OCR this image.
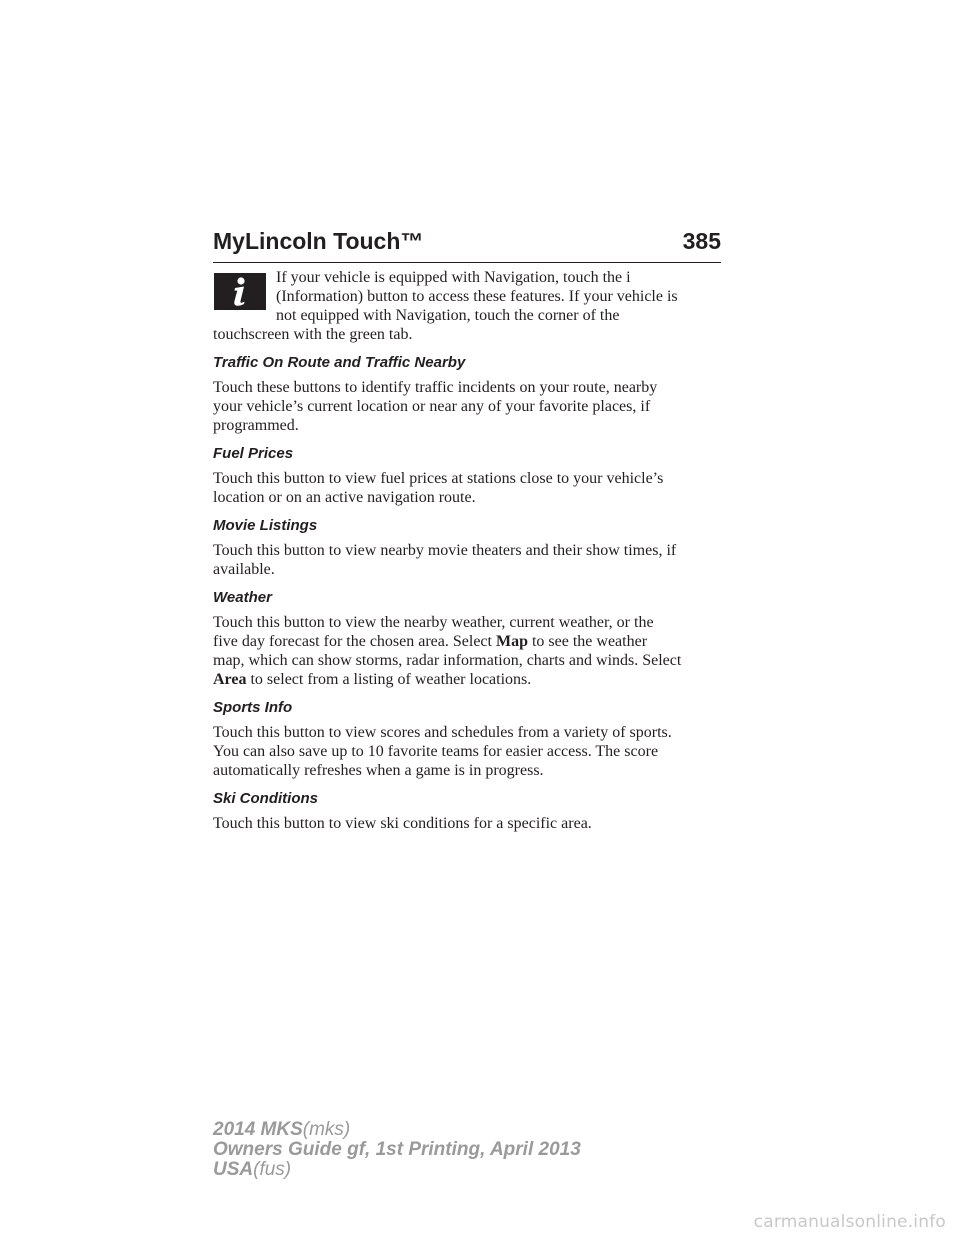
MyLincoln Touch™	385

If your vehicle is equipped with Navigation, touch the i

(Information) button to access these features. If your vehicle is

not equipped with Navigation, touch the corner of the

touchscreen with the green tab.

Traffic On Route and Traffic Nearby
Touch these buttons to identify traffic incidents on your route, nearby
your vehicle’s current location or near any of your favorite places, if
programmed.
Fuel Prices
Touch this button to view fuel prices at stations close to your vehicle’s
location or on an active navigation route.
Movie Listings
Touch this button to view nearby movie theaters and their show times, if
available.
Weather
Touch this button to view the nearby weather, current weather, or the
five day forecast for the chosen area. Select Map to see the weather
map, which can show storms, radar information, charts and winds. Select
Area to select from a listing of weather locations.
Sports Info
Touch this button to view scores and schedules from a variety of sports.
You can also save up to 10 favorite teams for easier access. The score
automatically refreshes when a game is in progress.
Ski Conditions
Touch this button to view ski conditions for a specific area.
2014 MKS(mks)
Owners Guide gf, 1st Printing, April 2013
USA(fus)
carmanualsonline.info
